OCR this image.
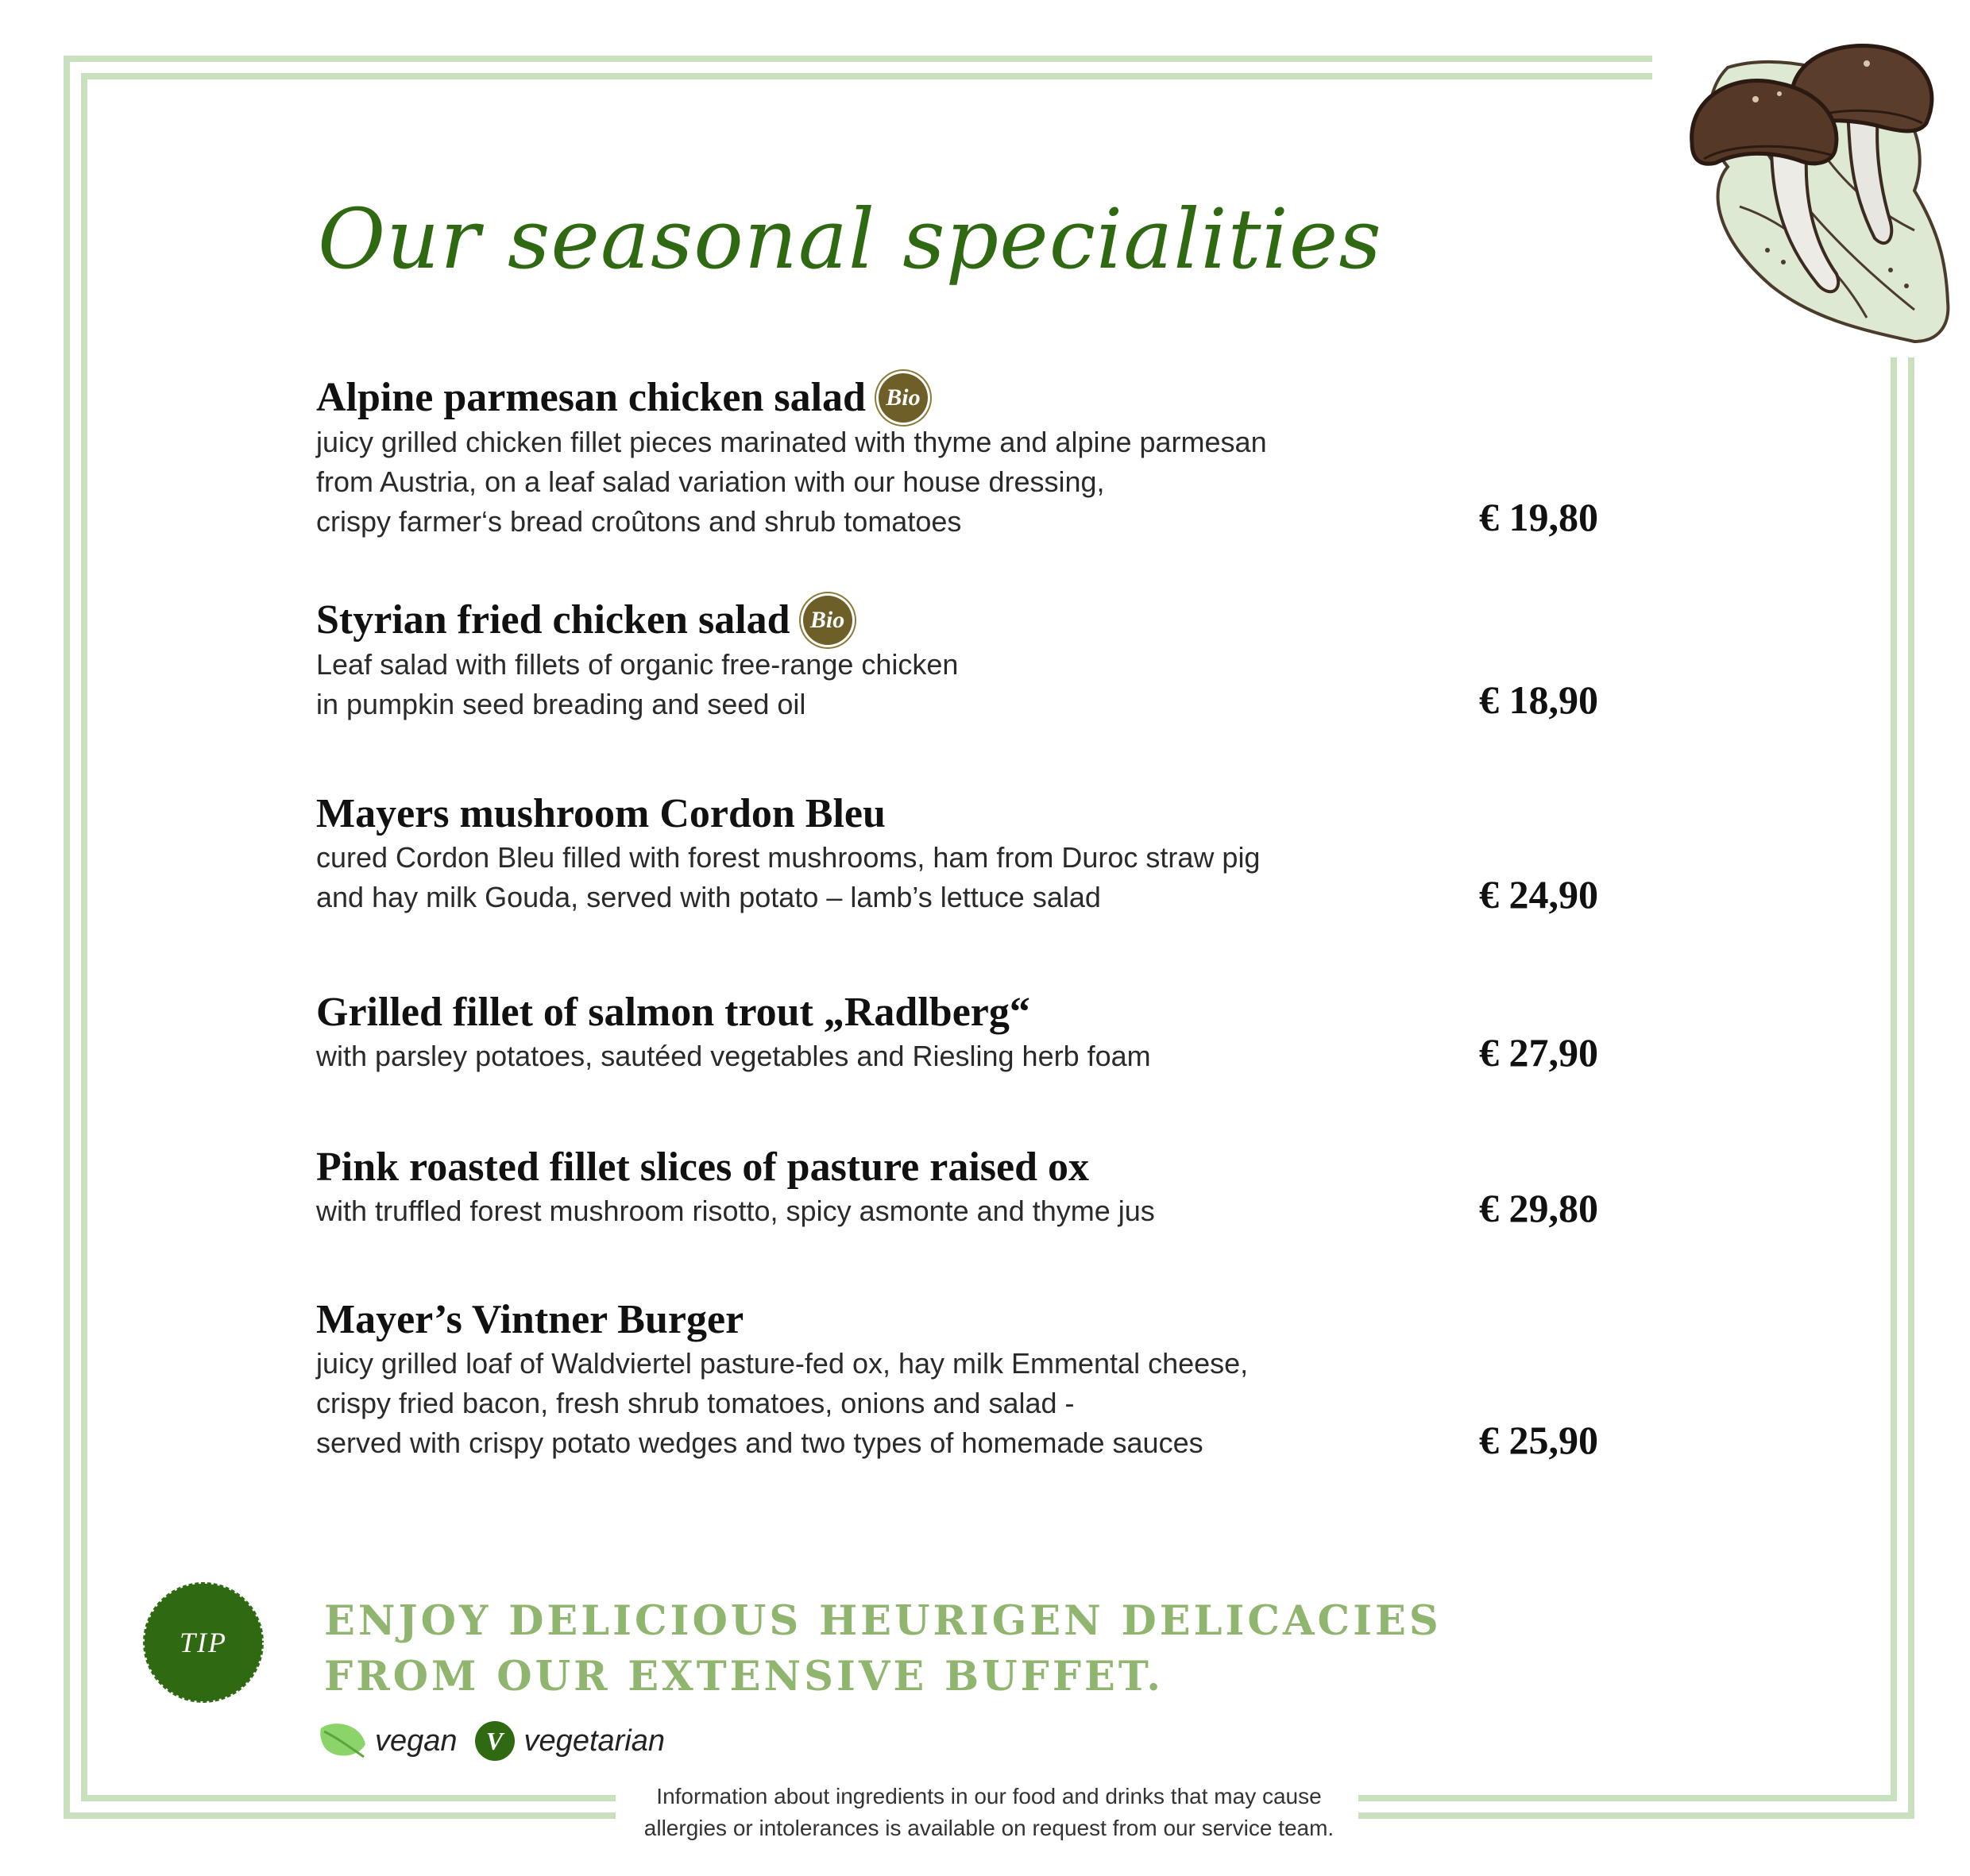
Our seasonal specialities
Alpine parmesan chicken salad Bio
juicy grilled chicken fillet pieces marinated with thyme and alpine parmesan
from Austria, on a leaf salad variation with our house dressing,
crispy farmer‘s bread croûtons and shrub tomatoes	€ 19,80
Styrian fried chicken salad Bio
Leaf salad with fillets of organic free-range chicken
in pumpkin seed breading and seed oil	€ 18,90
Mayers mushroom Cordon Bleu
cured Cordon Bleu filled with forest mushrooms, ham from Duroc straw pig
and hay milk Gouda, served with potato – lamb’s lettuce salad	€ 24,90
Grilled fillet of salmon trout „Radlberg“
with parsley potatoes, sautéed vegetables and Riesling herb foam	€ 27,90
Pink roasted fillet slices of pasture raised ox
with truffled forest mushroom risotto, spicy asmonte and thyme jus	€ 29,80
Mayer’s Vintner Burger
juicy grilled loaf of Waldviertel pasture-fed ox, hay milk Emmental cheese,
crispy fried bacon, fresh shrub tomatoes, onions and salad -
served with crispy potato wedges and two types of homemade sauces	€ 25,90
TIP	ENJOY DELICIOUS HEURIGEN DELICACIES
FROM OUR EXTENSIVE BUFFET.
vegan	V vegetarian
Information about ingredients in our food and drinks that may cause
allergies or intolerances is available on request from our service team.
